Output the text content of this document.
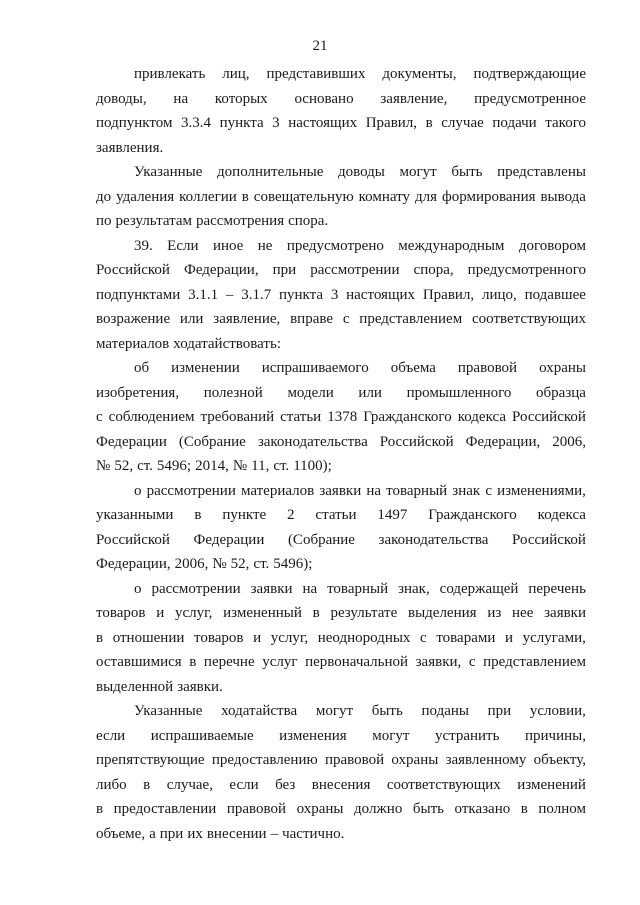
21
привлекать лиц, представивших документы, подтверждающие
доводы, на которых основано заявление, предусмотренное
подпунктом 3.3.4 пункта 3 настоящих Правил, в случае подачи такого
заявления.
Указанные дополнительные доводы могут быть представлены
до удаления коллегии в совещательную комнату для формирования вывода
по результатам рассмотрения спора.
39. Если иное не предусмотрено международным договором
Российской Федерации, при рассмотрении спора, предусмотренного
подпунктами 3.1.1 – 3.1.7 пункта 3 настоящих Правил, лицо, подавшее
возражение или заявление, вправе с представлением соответствующих
материалов ходатайствовать:
об изменении испрашиваемого объема правовой охраны
изобретения, полезной модели или промышленного образца
с соблюдением требований статьи 1378 Гражданского кодекса Российской
Федерации (Собрание законодательства Российской Федерации, 2006,
№ 52, ст. 5496; 2014, № 11, ст. 1100);
о рассмотрении материалов заявки на товарный знак с изменениями,
указанными в пункте 2 статьи 1497 Гражданского кодекса
Российской Федерации (Собрание законодательства Российской
Федерации, 2006, № 52, ст. 5496);
о рассмотрении заявки на товарный знак, содержащей перечень
товаров и услуг, измененный в результате выделения из нее заявки
в отношении товаров и услуг, неоднородных с товарами и услугами,
оставшимися в перечне услуг первоначальной заявки, с представлением
выделенной заявки.
Указанные ходатайства могут быть поданы при условии,
если испрашиваемые изменения могут устранить причины,
препятствующие предоставлению правовой охраны заявленному объекту,
либо в случае, если без внесения соответствующих изменений
в предоставлении правовой охраны должно быть отказано в полном
объеме, а при их внесении – частично.
